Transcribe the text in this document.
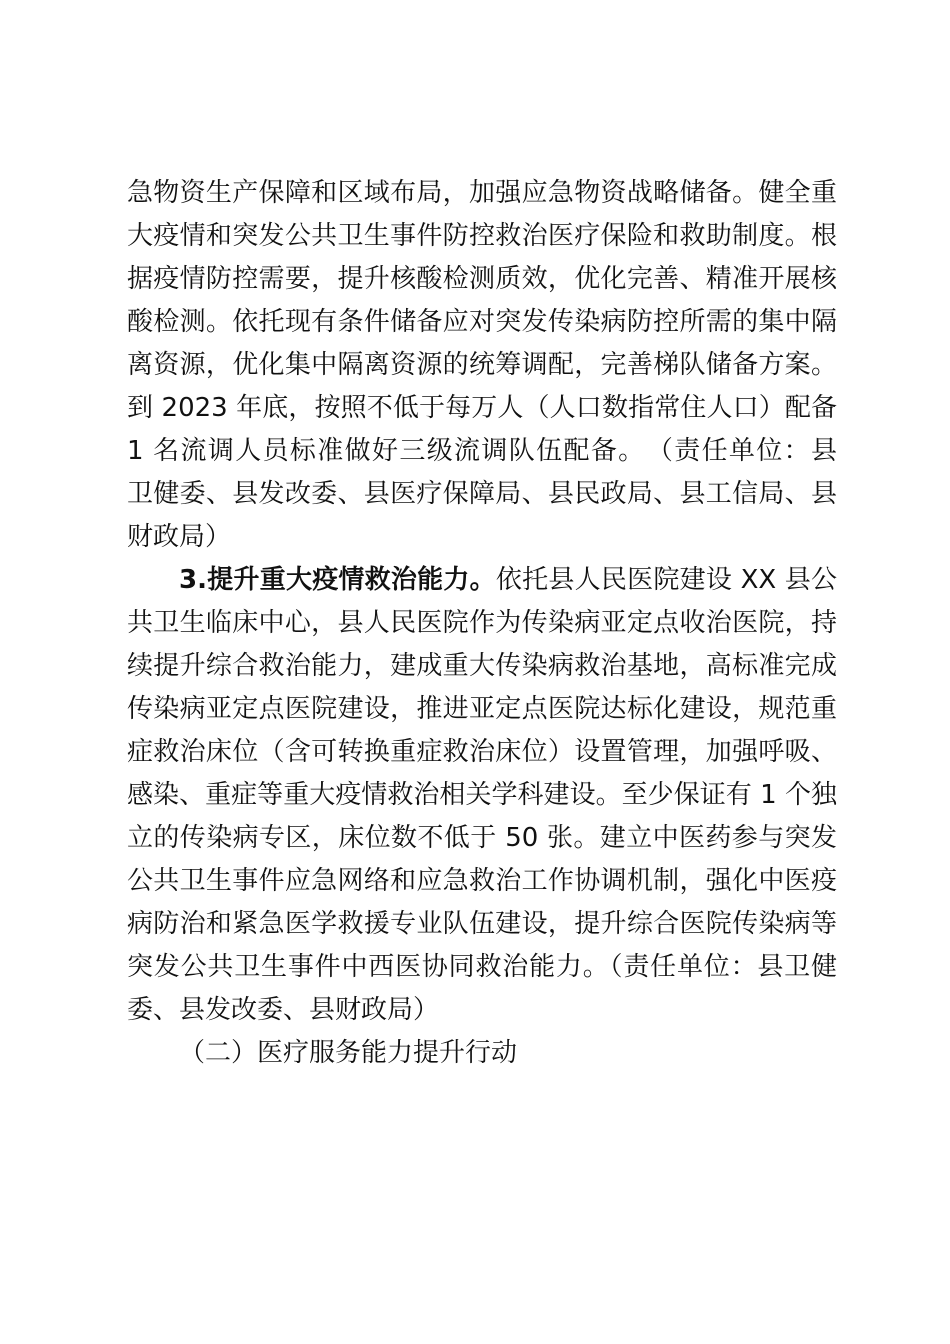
急物资生产保障和区域布局，加强应急物资战略储备。健全重
大疫情和突发公共卫生事件防控救治医疗保险和救助制度。根
据疫情防控需要，提升核酸检测质效，优化完善、精准开展核
酸检测。依托现有条件储备应对突发传染病防控所需的集中隔
离资源，优化集中隔离资源的统筹调配，完善梯队储备方案。
到 2023 年底，按照不低于每万人（人口数指常住人口）配备
1 名流调人员标准做好三级流调队伍配备。　（责任单位：县
卫健委、县发改委、县医疗保障局、县民政局、县工信局、县
财政局）
3.提升重大疫情救治能力。依托县人民医院建设 XX 县公
共卫生临床中心，县人民医院作为传染病亚定点收治医院，持
续提升综合救治能力，建成重大传染病救治基地，高标准完成
传染病亚定点医院建设，推进亚定点医院达标化建设，规范重
症救治床位（含可转换重症救治床位）设置管理，加强呼吸、
感染、重症等重大疫情救治相关学科建设。至少保证有 1 个独
立的传染病专区，床位数不低于 50 张。建立中医药参与突发
公共卫生事件应急网络和应急救治工作协调机制，强化中医疫
病防治和紧急医学救援专业队伍建设，提升综合医院传染病等
突发公共卫生事件中西医协同救治能力。（责任单位：县卫健
委、县发改委、县财政局）
（二）医疗服务能力提升行动
